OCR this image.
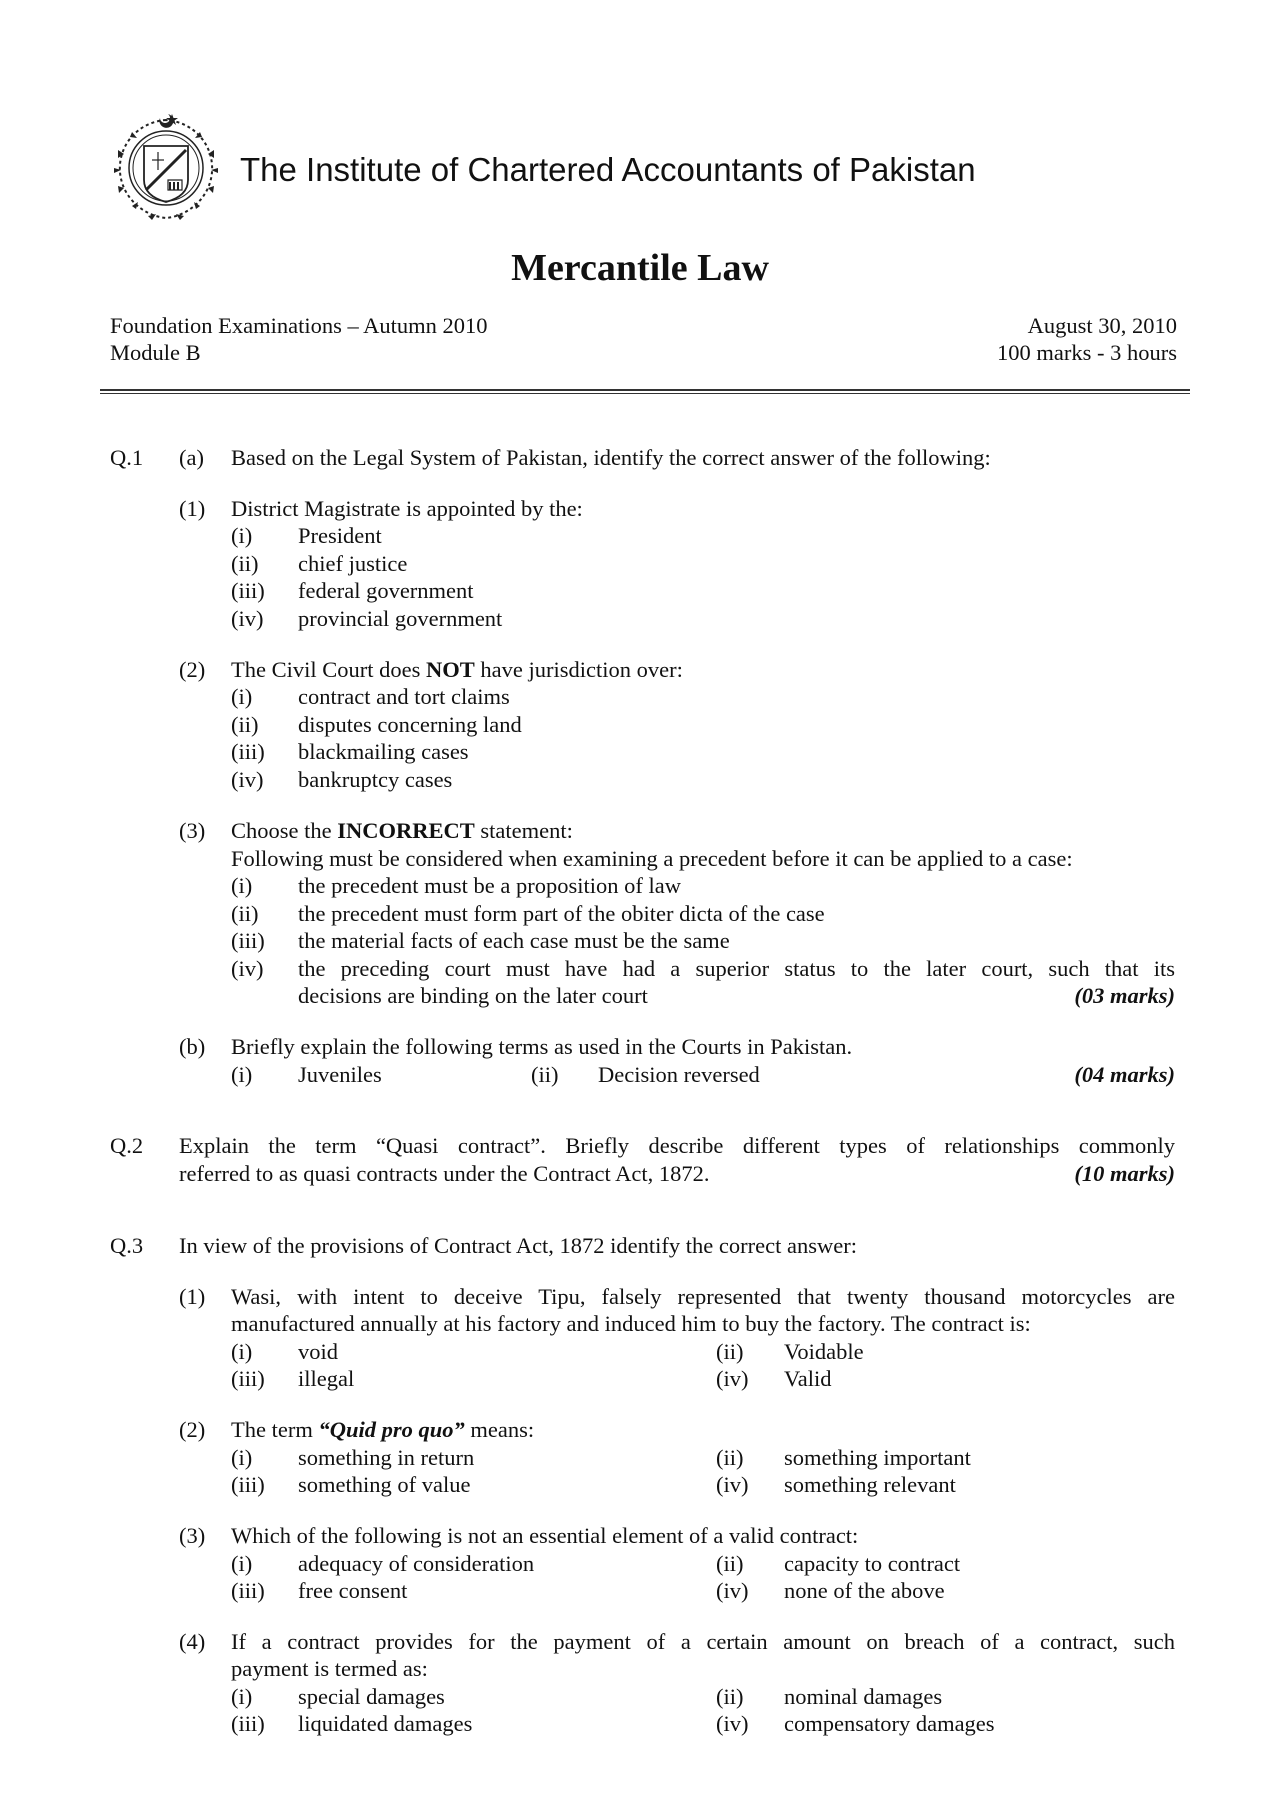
The Institute of Chartered Accountants of Pakistan
Mercantile Law
Foundation Examinations – Autumn 2010
Module B
August 30, 2010
100 marks - 3 hours
Q.1 (a) Based on the Legal System of Pakistan, identify the correct answer of the following:
(1) District Magistrate is appointed by the:
(i) President
(ii) chief justice
(iii) federal government
(iv) provincial government
(2) The Civil Court does NOT have jurisdiction over:
(i) contract and tort claims
(ii) disputes concerning land
(iii) blackmailing cases
(iv) bankruptcy cases
(3) Choose the INCORRECT statement:
Following must be considered when examining a precedent before it can be applied to a case:
(i) the precedent must be a proposition of law
(ii) the precedent must form part of the obiter dicta of the case
(iii) the material facts of each case must be the same
(iv) the preceding court must have had a superior status to the later court, such that its
decisions are binding on the later court	(03 marks)
(b) Briefly explain the following terms as used in the Courts in Pakistan.
(i) Juveniles	(ii) Decision reversed	(04 marks)
Q.2 Explain the term “Quasi contract”. Briefly describe different types of relationships commonly
referred to as quasi contracts under the Contract Act, 1872.	(10 marks)
Q.3 In view of the provisions of Contract Act, 1872 identify the correct answer:
(1) Wasi, with intent to deceive Tipu, falsely represented that twenty thousand motorcycles are
manufactured annually at his factory and induced him to buy the factory. The contract is:
(i) void	(ii) Voidable
(iii) illegal	(iv) Valid
(2) The term “Quid pro quo” means:
(i) something in return	(ii) something important
(iii) something of value	(iv) something relevant
(3) Which of the following is not an essential element of a valid contract:
(i) adequacy of consideration	(ii) capacity to contract
(iii) free consent	(iv) none of the above
(4) If a contract provides for the payment of a certain amount on breach of a contract, such
payment is termed as:
(i) special damages	(ii) nominal damages
(iii) liquidated damages	(iv) compensatory damages
